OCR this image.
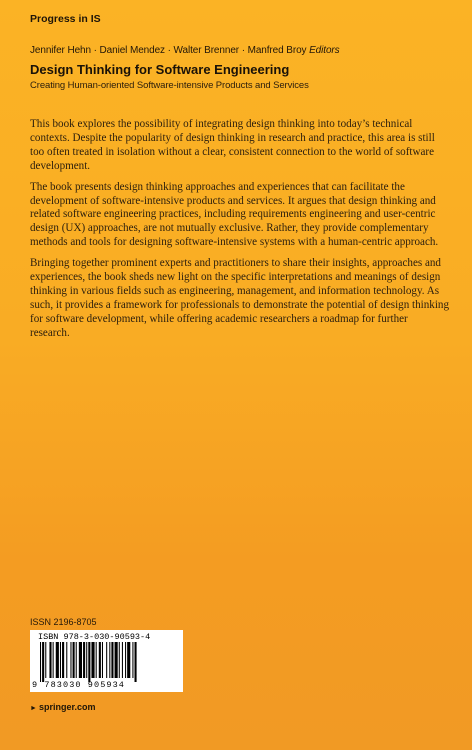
Progress in IS
Jennifer Hehn · Daniel Mendez · Walter Brenner · Manfred Broy Editors
Design Thinking for Software Engineering
Creating Human-oriented Software-intensive Products and Services

This book explores the possibility of integrating design thinking into today’s technical contexts. Despite the popularity of design thinking in research and practice, this area is still too often treated in isolation without a clear, consistent connection to the world of software development.

The book presents design thinking approaches and experiences that can facilitate the development of software-intensive products and services. It argues that design thinking and related software engineering practices, including requirements engineering and user-centric design (UX) approaches, are not mutually exclusive. Rather, they provide complementary methods and tools for designing software-intensive systems with a human-centric approach.

Bringing together prominent experts and practitioners to share their insights, approaches and experiences, the book sheds new light on the specific interpretations and meanings of design thinking in various fields such as engineering, management, and information technology. As such, it provides a framework for professionals to demonstrate the potential of design thinking for software development, while offering academic researchers a roadmap for further research.

ISSN 2196-8705
ISBN 978-3-030-90593-4
9 783030 905934
► springer.com
